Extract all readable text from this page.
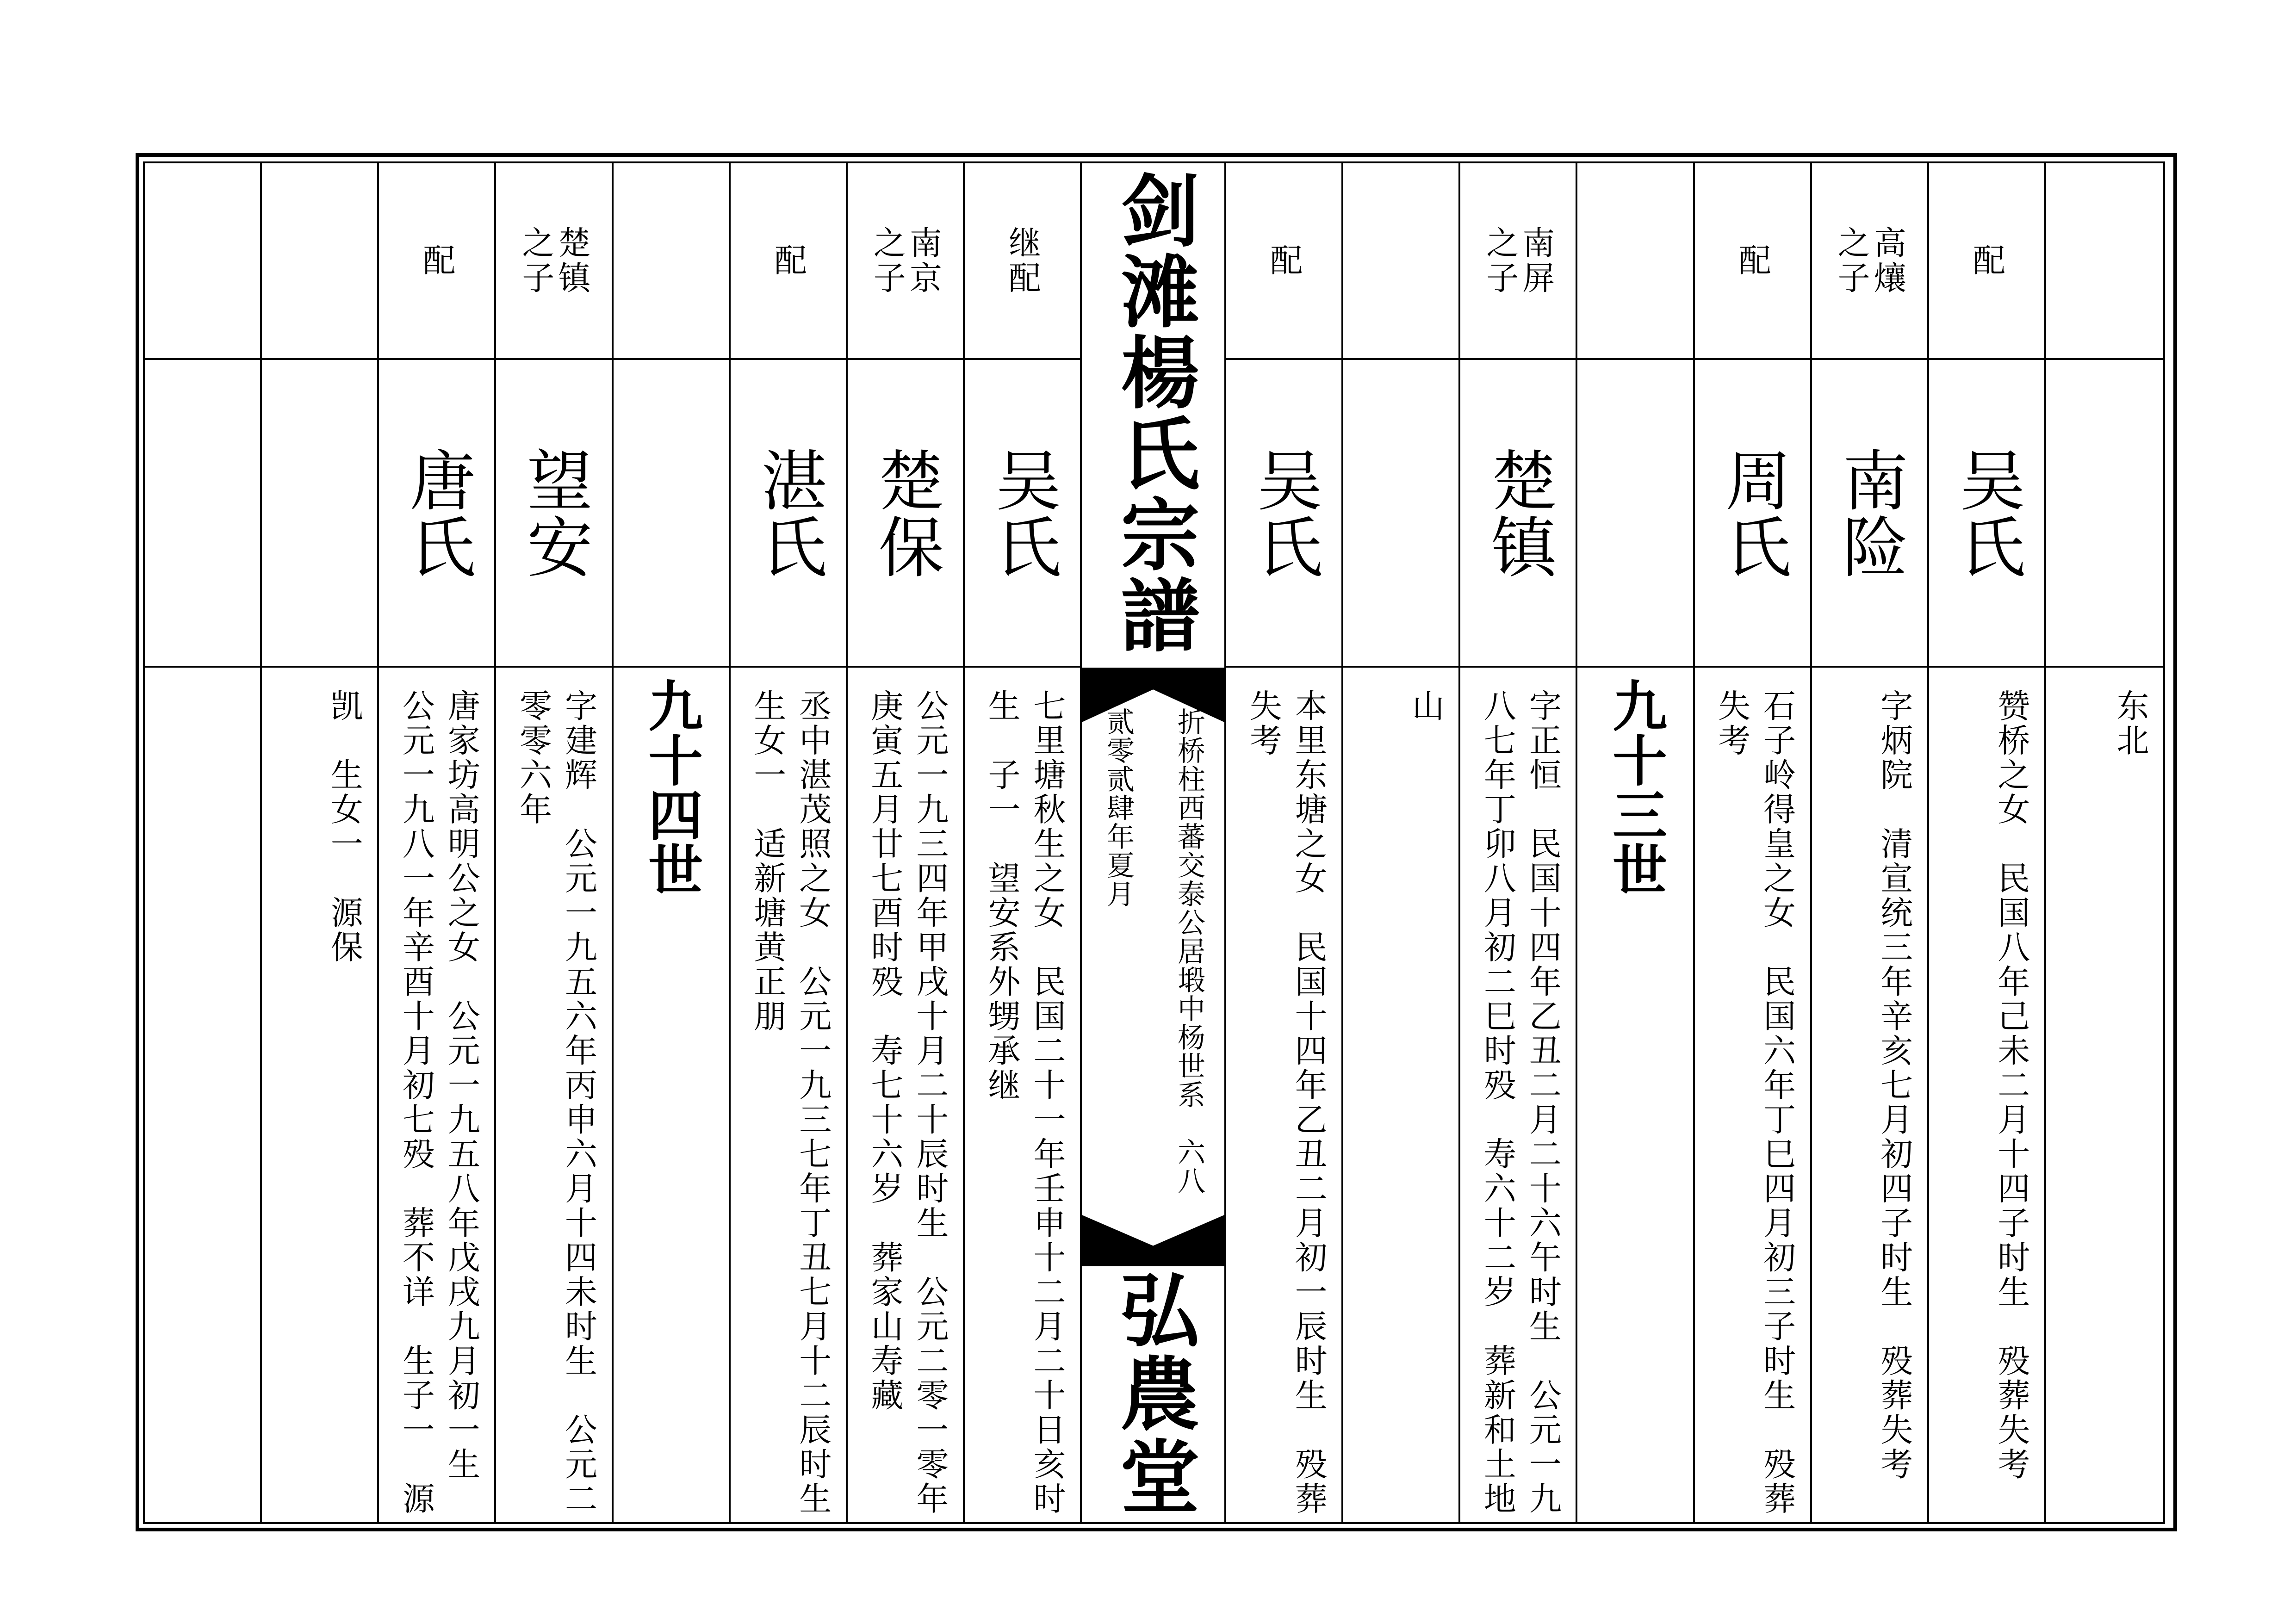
凯　生女一　源保
配
唐氏
唐家坊高明公之女　公元一九五八年戊戌九月初一生
公元一九八一年辛酉十月初七殁　葬不详　生子一　源
楚镇
之子
望安
字建辉　公元一九五六年丙申六月十四未时生　公元二
零零六年 九十四世
配
湛氏
丞中湛茂照之女　公元一九三七年丁丑七月十二辰时生
生女一　适新塘黄正朋
南京
之子
楚保
公元一九三四年甲戌十月二十辰时生　公元二零一零年
庚寅五月廿七酉时殁　寿七十六岁　葬家山寿藏
继配
吴氏
七里塘秋生之女　民国二十一年壬申十二月二十日亥时
生　子一　望安系外甥承继
剑滩楊氏宗譜
折桥柱西蕃交泰公居塅中杨世系　六八
贰零贰肆年夏月
弘農堂
配
吴氏
本里东塘之女　民国十四年乙丑二月初一辰时生　殁葬
失考	山
南屏
之子
楚镇
字正恒　民国十四年乙丑二月二十六午时生　公元一九
八七年丁卯八月初二巳时殁　寿六十二岁　葬新和土地 九十三世
配
周氏
石子岭得皇之女　民国六年丁巳四月初三子时生　殁葬
失考
高爙
之子
南险
字炳院　清宣统三年辛亥七月初四子时生　殁葬失考
配
吴氏
赞桥之女　民国八年己未二月十四子时生　殁葬失考	东北
